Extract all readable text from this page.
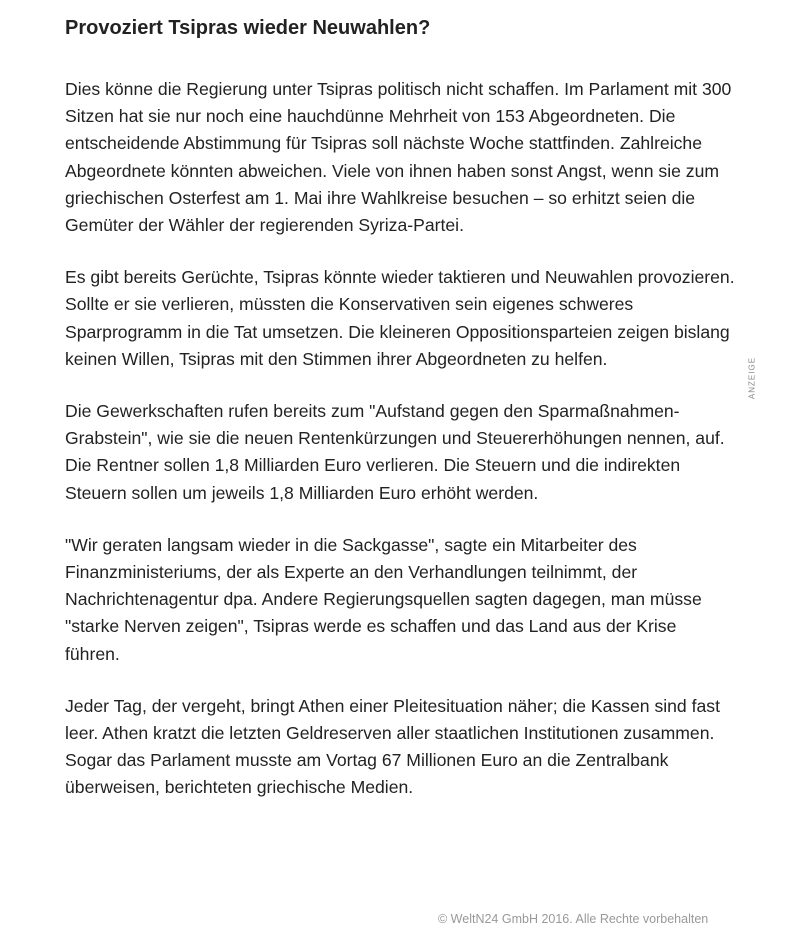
Provoziert Tsipras wieder Neuwahlen?

Dies könne die Regierung unter Tsipras politisch nicht schaffen. Im Parlament mit 300 Sitzen hat sie nur noch eine hauchdünne Mehrheit von 153 Abgeordneten. Die entscheidende Abstimmung für Tsipras soll nächste Woche stattfinden. Zahlreiche Abgeordnete könnten abweichen. Viele von ihnen haben sonst Angst, wenn sie zum griechischen Osterfest am 1. Mai ihre Wahlkreise besuchen – so erhitzt seien die Gemüter der Wähler der regierenden Syriza-Partei.

Es gibt bereits Gerüchte, Tsipras könnte wieder taktieren und Neuwahlen provozieren. Sollte er sie verlieren, müssten die Konservativen sein eigenes schweres Sparprogramm in die Tat umsetzen. Die kleineren Oppositionsparteien zeigen bislang keinen Willen, Tsipras mit den Stimmen ihrer Abgeordneten zu helfen.

Die Gewerkschaften rufen bereits zum "Aufstand gegen den Sparmaßnahmen-Grabstein", wie sie die neuen Rentenkürzungen und Steuererhöhungen nennen, auf. Die Rentner sollen 1,8 Milliarden Euro verlieren. Die Steuern und die indirekten Steuern sollen um jeweils 1,8 Milliarden Euro erhöht werden.

"Wir geraten langsam wieder in die Sackgasse", sagte ein Mitarbeiter des Finanzministeriums, der als Experte an den Verhandlungen teilnimmt, der Nachrichtenagentur dpa. Andere Regierungsquellen sagten dagegen, man müsse "starke Nerven zeigen", Tsipras werde es schaffen und das Land aus der Krise führen.

Jeder Tag, der vergeht, bringt Athen einer Pleitesituation näher; die Kassen sind fast leer. Athen kratzt die letzten Geldreserven aller staatlichen Institutionen zusammen. Sogar das Parlament musste am Vortag 67 Millionen Euro an die Zentralbank überweisen, berichteten griechische Medien.

ANZEIGE
© WeltN24 GmbH 2016. Alle Rechte vorbehalten
